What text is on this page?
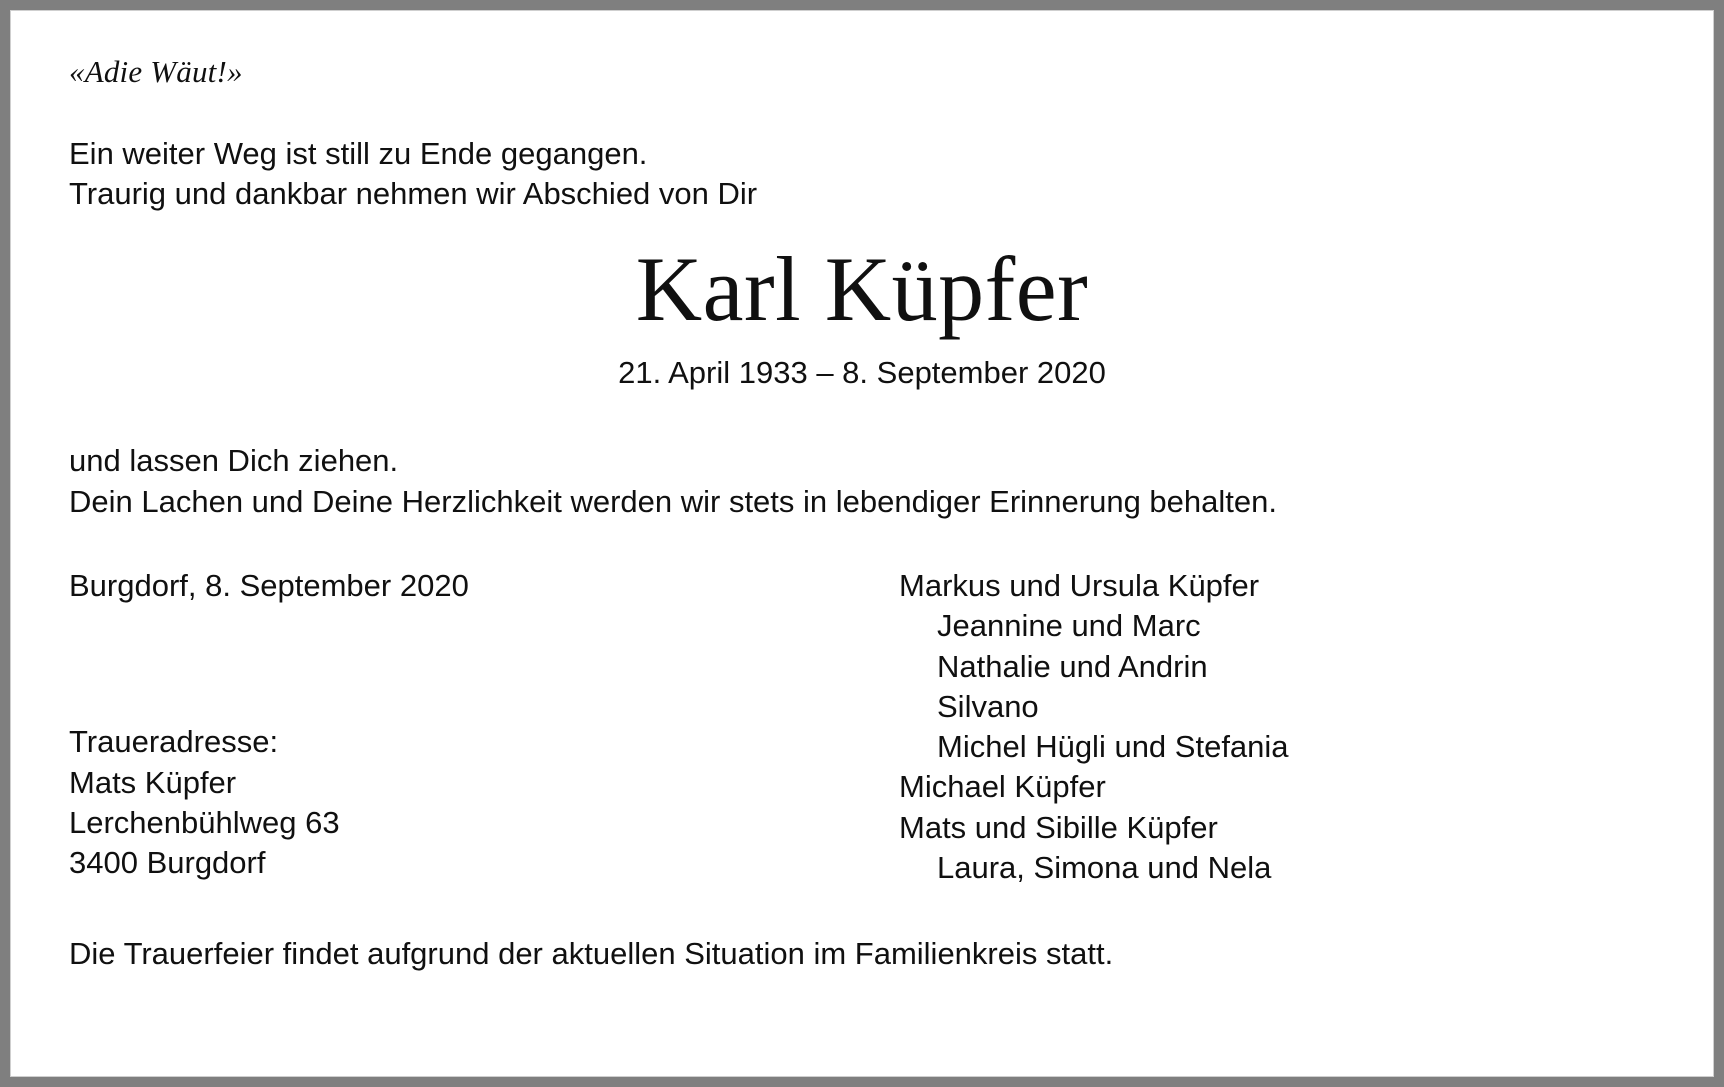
«Adie Wäut!»
Ein weiter Weg ist still zu Ende gegangen.
Traurig und dankbar nehmen wir Abschied von Dir
Karl Küpfer
21. April 1933 – 8. September 2020
und lassen Dich ziehen.
Dein Lachen und Deine Herzlichkeit werden wir stets in lebendiger Erinnerung behalten.
Burgdorf, 8. September 2020
Traueradresse:
Mats Küpfer
Lerchenbühlweg 63
3400 Burgdorf
Markus und Ursula Küpfer
Jeannine und Marc
Nathalie und Andrin
Silvano
Michel Hügli und Stefania
Michael Küpfer
Mats und Sibille Küpfer
Laura, Simona und Nela
Die Trauerfeier findet aufgrund der aktuellen Situation im Familienkreis statt.
